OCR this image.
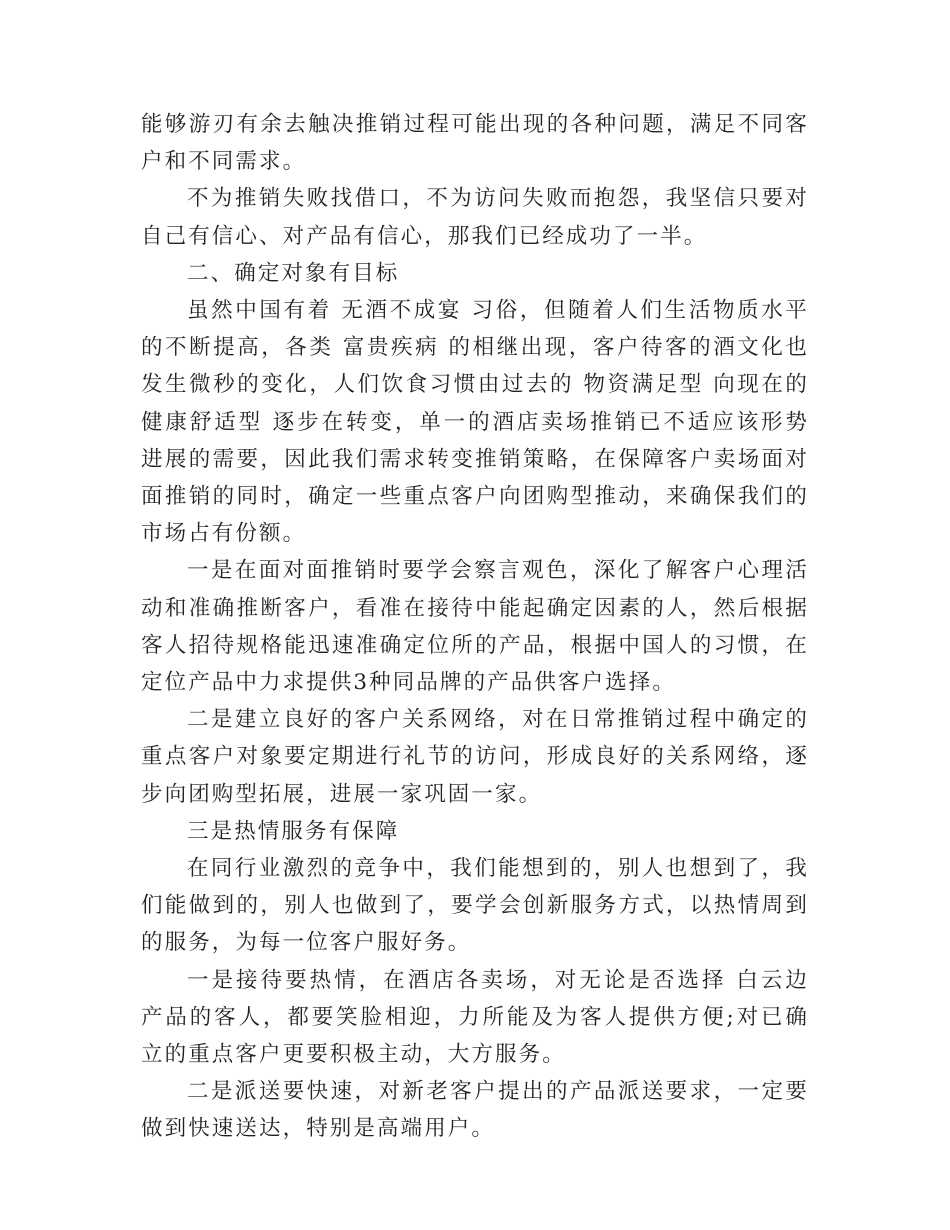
能够游刃有余去触决推销过程可能出现的各种问题，满足不同客户和不同需求。

不为推销失败找借口，不为访问失败而抱怨，我坚信只要对自己有信心、对产品有信心，那我们已经成功了一半。

二、确定对象有目标

虽然中国有着 无酒不成宴 习俗，但随着人们生活物质水平的不断提高，各类 富贵疾病 的相继出现，客户待客的酒文化也发生微秒的变化，人们饮食习惯由过去的 物资满足型 向现在的 健康舒适型 逐步在转变，单一的酒店卖场推销已不适应该形势进展的需要，因此我们需求转变推销策略，在保障客户卖场面对面推销的同时，确定一些重点客户向团购型推动，来确保我们的市场占有份额。

一是在面对面推销时要学会察言观色，深化了解客户心理活动和准确推断客户，看准在接待中能起确定因素的人，然后根据客人招待规格能迅速准确定位所的产品，根据中国人的习惯，在定位产品中力求提供3种同品牌的产品供客户选择。

二是建立良好的客户关系网络，对在日常推销过程中确定的重点客户对象要定期进行礼节的访问，形成良好的关系网络，逐步向团购型拓展，进展一家巩固一家。

三是热情服务有保障

在同行业激烈的竞争中，我们能想到的，别人也想到了，我们能做到的，别人也做到了，要学会创新服务方式，以热情周到的服务，为每一位客户服好务。

一是接待要热情，在酒店各卖场，对无论是否选择 白云边 产品的客人，都要笑脸相迎，力所能及为客人提供方便;对已确立的重点客户更要积极主动，大方服务。

二是派送要快速，对新老客户提出的产品派送要求，一定要做到快速送达，特别是高端用户。
